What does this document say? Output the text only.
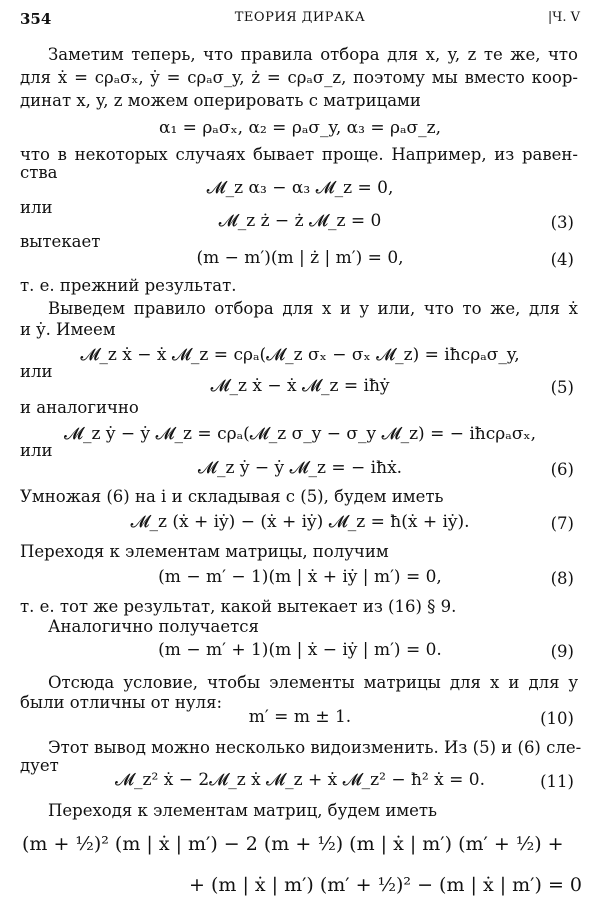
354	ТЕОРИЯ ДИРАКА	|Ч. V
Заметим теперь, что правила отбора для x, y, z те же, что
для ẋ = cρₐσₓ, ẏ = cρₐσ_y, ż = cρₐσ_z, поэтому мы вместо коор-
динат x, y, z можем оперировать с матрицами
α₁ = ρₐσₓ, α₂ = ρₐσ_y, α₃ = ρₐσ_z,
что в некоторых случаях бывает проще. Например, из равен-
ства
𝓜_z α₃ − α₃ 𝓜_z = 0,
или
𝓜_z ż − ż 𝓜_z = 0	(3)
вытекает
(m − m′)(m | ż | m′) = 0,	(4)
т. е. прежний результат.
Выведем правило отбора для x и y или, что то же, для ẋ
и ẏ. Имеем
𝓜_z ẋ − ẋ 𝓜_z = cρₐ(𝓜_z σₓ − σₓ 𝓜_z) = iħcρₐσ_y,
или
𝓜_z ẋ − ẋ 𝓜_z = iħẏ	(5)
и аналогично
𝓜_z ẏ − ẏ 𝓜_z = cρₐ(𝓜_z σ_y − σ_y 𝓜_z) = − iħcρₐσₓ,
или
𝓜_z ẏ − ẏ 𝓜_z = − iħẋ.	(6)
Умножая (6) на i и складывая с (5), будем иметь
𝓜_z (ẋ + iẏ) − (ẋ + iẏ) 𝓜_z = ħ(ẋ + iẏ).	(7)
Переходя к элементам матрицы, получим
(m − m′ − 1)(m | ẋ + iẏ | m′) = 0,	(8)
т. е. тот же результат, какой вытекает из (16) § 9.
Аналогично получается
(m − m′ + 1)(m | ẋ − iẏ | m′) = 0.	(9)
Отсюда условие, чтобы элементы матрицы для x и для y
были отличны от нуля:
m′ = m ± 1.	(10)
Этот вывод можно несколько видоизменить. Из (5) и (6) сле-
дует
𝓜_z² ẋ − 2𝓜_z ẋ 𝓜_z + ẋ 𝓜_z² − ħ² ẋ = 0.	(11)
Переходя к элементам матриц, будем иметь
(m + ½)² (m | ẋ | m′) − 2 (m + ½) (m | ẋ | m′) (m′ + ½) +
+ (m | ẋ | m′) (m′ + ½)² − (m | ẋ | m′) = 0
